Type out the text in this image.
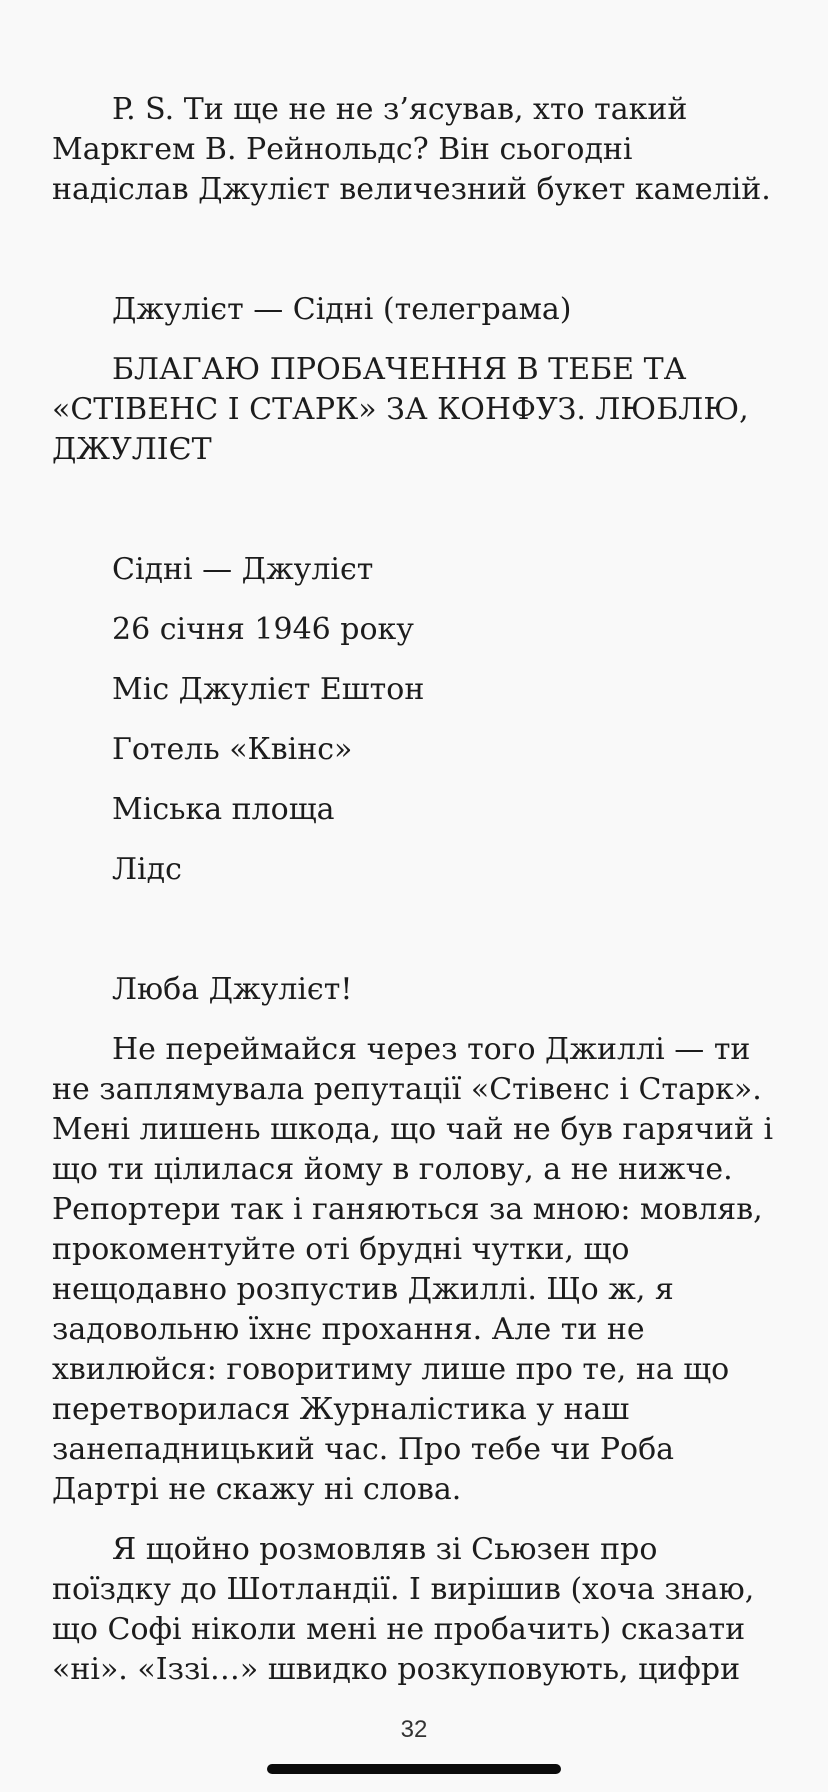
P. S. Ти ще не не з’ясував, хто такий Маркгем В. Рейнольдс? Він сьогодні надіслав Джулієт величезний букет камелій.

Джулієт — Сідні (телеграма)

БЛАГАЮ ПРОБАЧЕННЯ В ТЕБЕ ТА «СТІВЕНС І СТАРК» ЗА КОНФУЗ. ЛЮБЛЮ, ДЖУЛІЄТ

Сідні — Джулієт

26 січня 1946 року

Міс Джулієт Ештон

Готель «Квінс»

Міська площа

Лідс

Люба Джулієт!

Не переймайся через того Джиллі — ти не заплямувала репутації «Стівенс і Старк». Мені лишень шкода, що чай не був гарячий і що ти цілилася йому в голову, а не нижче. Репортери так і ганяються за мною: мовляв, прокоментуйте оті брудні чутки, що нещодавно розпустив Джиллі. Що ж, я задовольню їхнє прохання. Але ти не хвилюйся: говоритиму лише про те, на що перетворилася Журналістика у наш занепадницький час. Про тебе чи Роба Дартрі не скажу ні слова.

Я щойно розмовляв зі Сьюзен про поїздку до Шотландії. І вирішив (хоча знаю, що Софі ніколи мені не пробачить) сказати «ні». «Іззі…» швидко розкуповують, цифри

32
